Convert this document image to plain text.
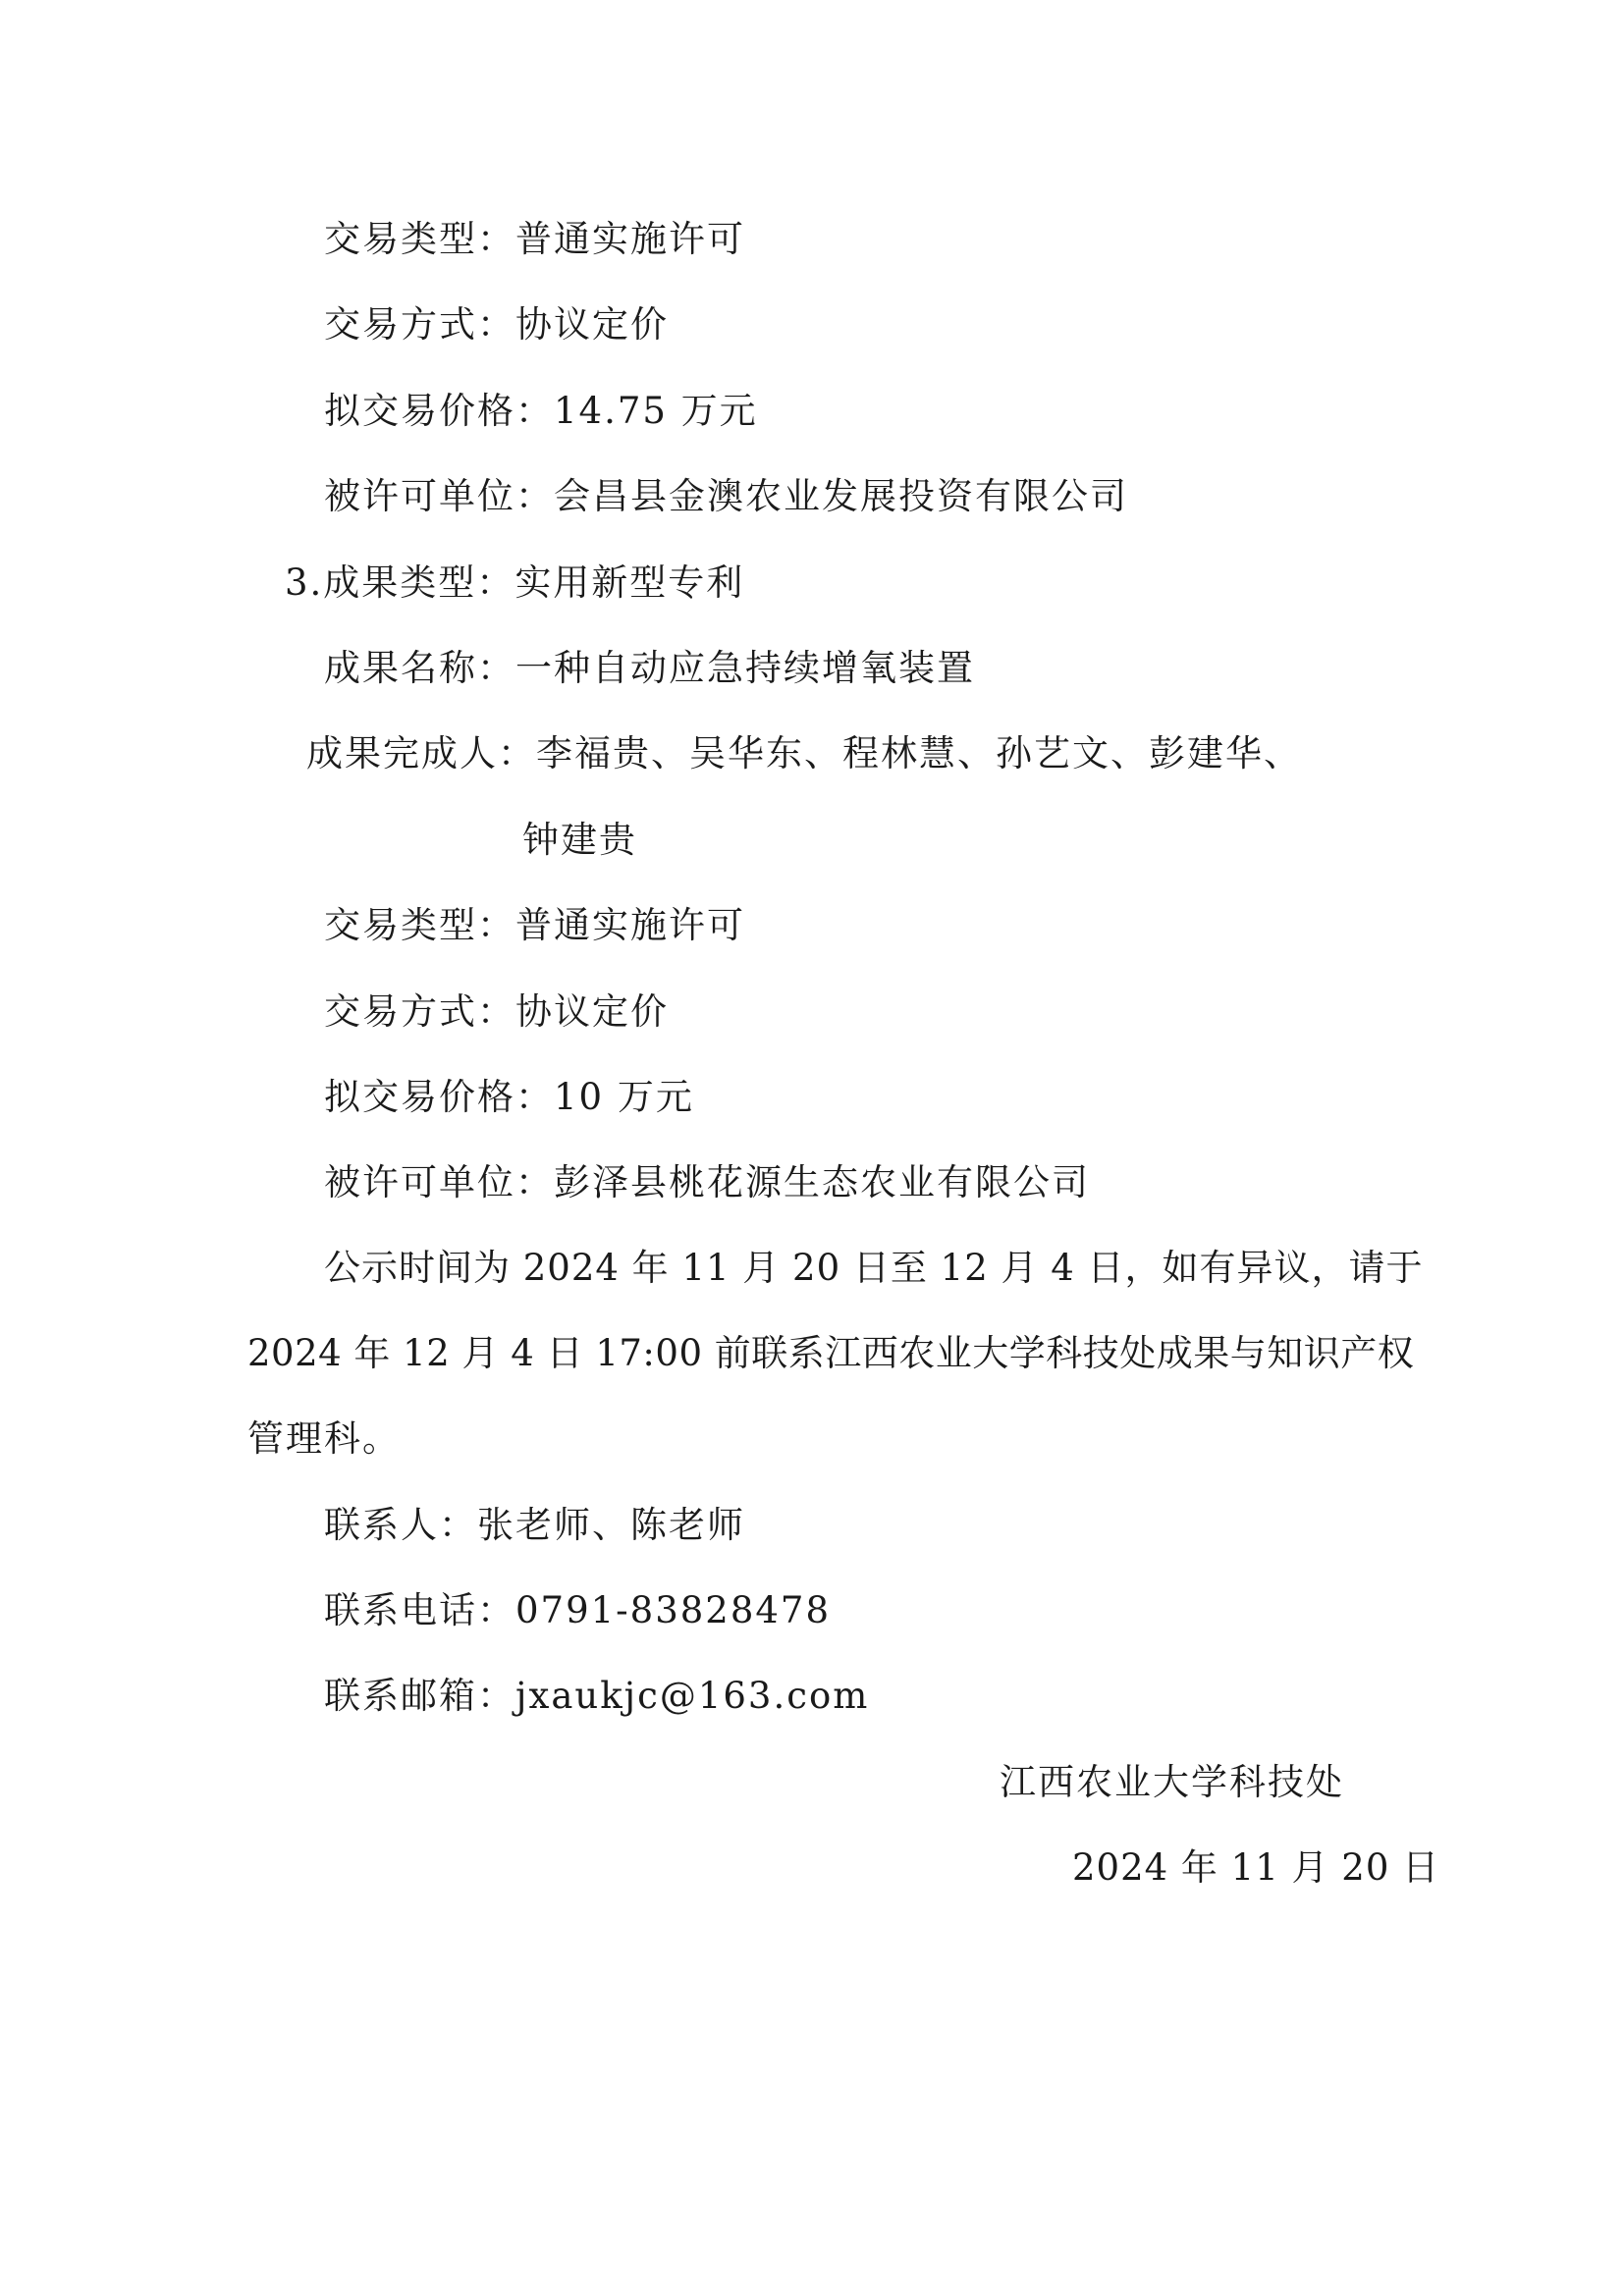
交易类型：普通实施许可
交易方式：协议定价
拟交易价格：14.75 万元
被许可单位：会昌县金澳农业发展投资有限公司
3.成果类型：实用新型专利
成果名称：一种自动应急持续增氧装置
成果完成人：李福贵、吴华东、程林慧、孙艺文、彭建华、
钟建贵
交易类型：普通实施许可
交易方式：协议定价
拟交易价格：10 万元
被许可单位：彭泽县桃花源生态农业有限公司
公示时间为 2024 年 11 月 20 日至 12 月 4 日，如有异议，请于
2024 年 12 月 4 日 17:00 前联系江西农业大学科技处成果与知识产权
管理科。
联系人：张老师、陈老师
联系电话：0791-83828478
联系邮箱：jxaukjc@163.com
江西农业大学科技处
2024 年 11 月 20 日
